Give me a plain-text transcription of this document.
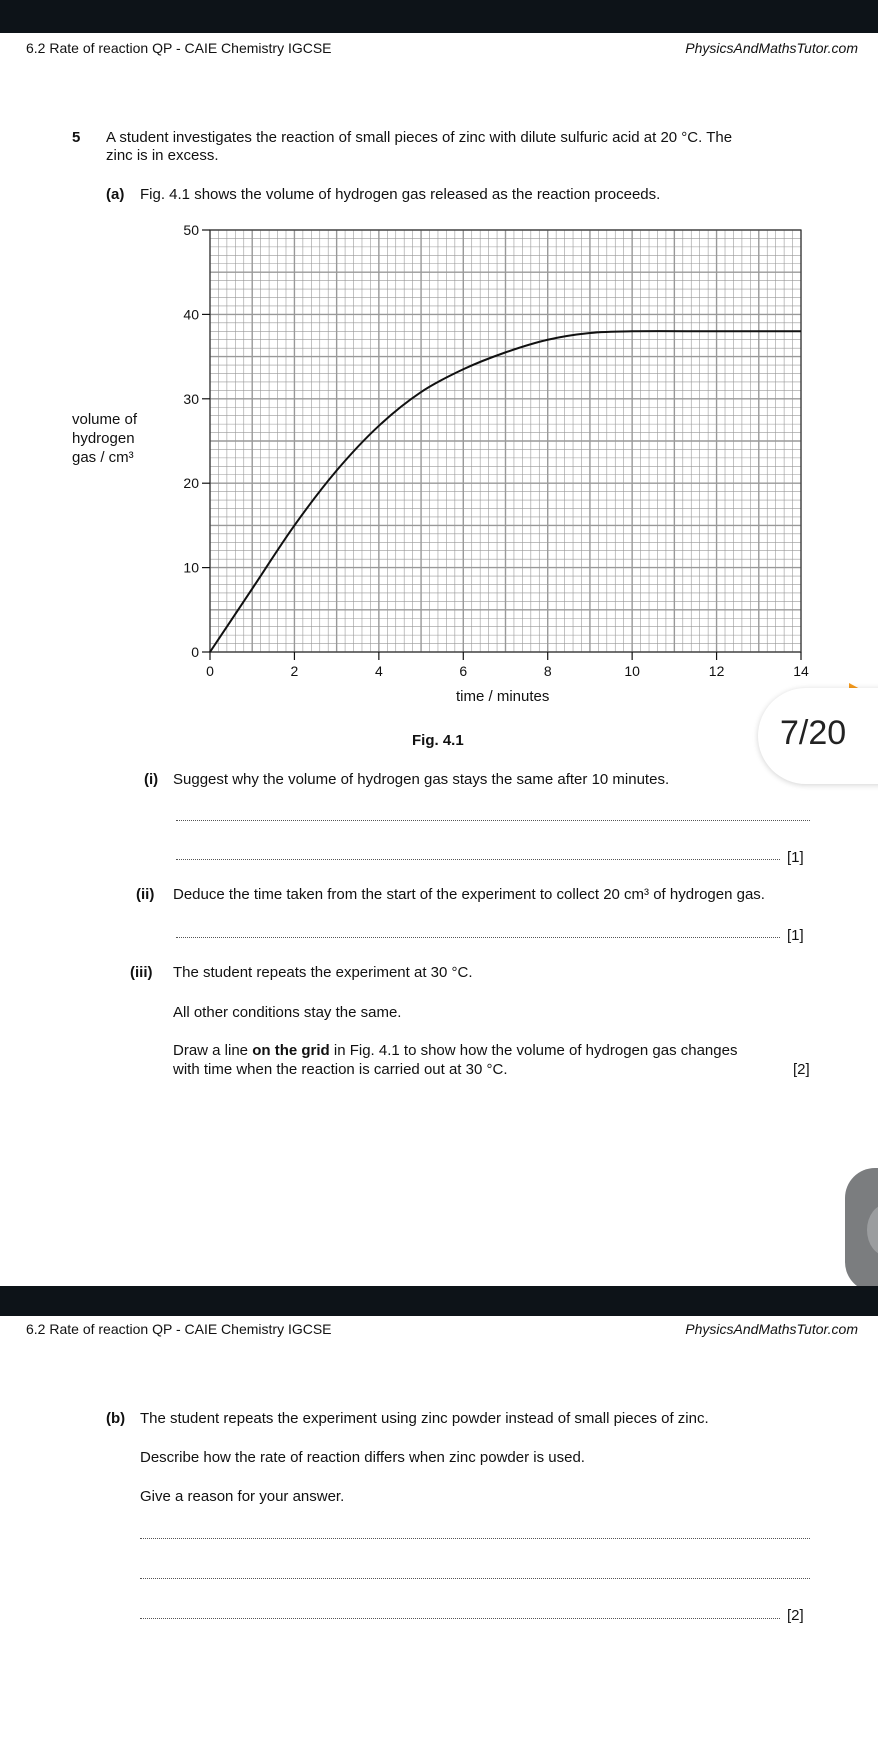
6.2 Rate of reaction QP - CAIE Chemistry IGCSE	PhysicsAndMathsTutor.com
5 A student investigates the reaction of small pieces of zinc with dilute sulfuric acid at 20 °C. The
zinc is in excess.
(a) Fig. 4.1 shows the volume of hydrogen gas released as the reaction proceeds.
volume of
hydrogen
gas / cm³
0	2	4	6	8	10	12	14
0
10
20
30
40
50
time / minutes
Fig. 4.1
(i) Suggest why the volume of hydrogen gas stays the same after 10 minutes.
[1]
(ii) Deduce the time taken from the start of the experiment to collect 20 cm³ of hydrogen gas.
[1]
(iii) The student repeats the experiment at 30 °C.
All other conditions stay the same.
Draw a line on the grid in Fig. 4.1 to show how the volume of hydrogen gas changes
with time when the reaction is carried out at 30 °C.	[2]
7/20
6.2 Rate of reaction QP - CAIE Chemistry IGCSE	PhysicsAndMathsTutor.com
(b) The student repeats the experiment using zinc powder instead of small pieces of zinc.
Describe how the rate of reaction differs when zinc powder is used.
Give a reason for your answer.
[2]
